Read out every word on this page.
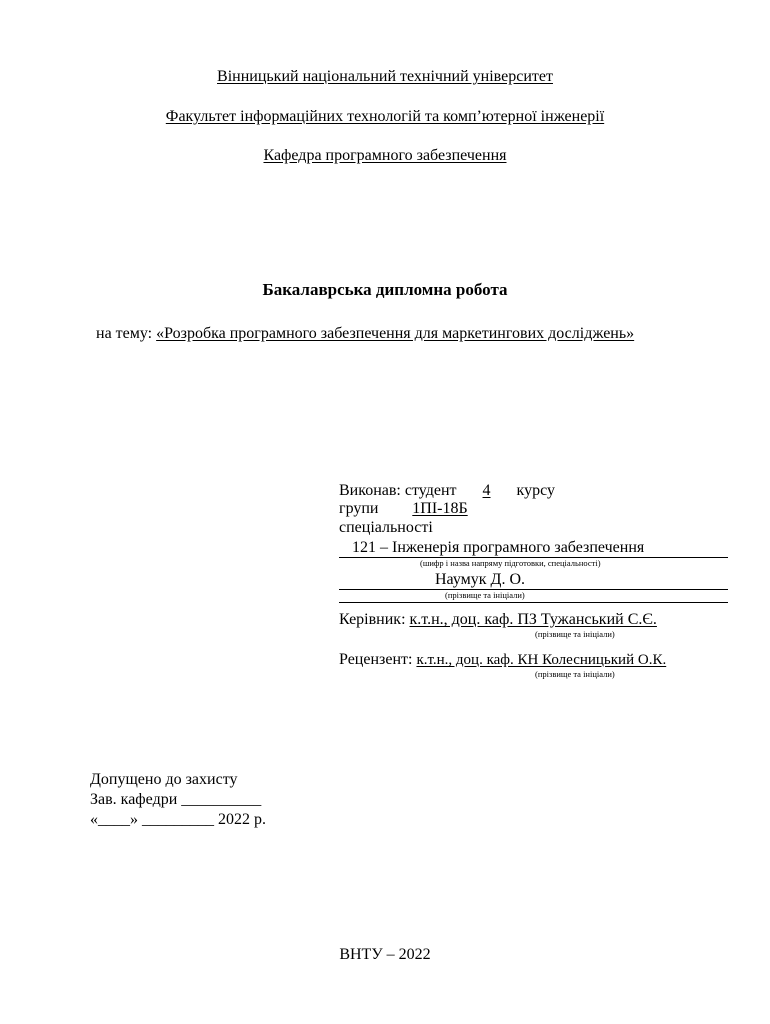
Вінницький національний технічний університет
Факультет інформаційних технологій та комп’ютерної інженерії
Кафедра програмного забезпечення
Бакалаврська дипломна робота
на тему: «Розробка програмного забезпечення для маркетингових досліджень»
Виконав: студент 4 курсу
групи 1ПІ-18Б
спеціальності
121 – Інженерія програмного забезпечення
(шифр і назва напряму підготовки, спеціальності)
Наумук Д. О.
(прізвище та ініціали)
Керівник: к.т.н., доц. каф. ПЗ Тужанський С.Є.
(прізвище та ініціали)
Рецензент: к.т.н., доц. каф. КН Колесницький О.К.
(прізвище та ініціали)
Допущено до захисту
Зав. кафедри __________
«____» _________ 2022 р.
ВНТУ – 2022
